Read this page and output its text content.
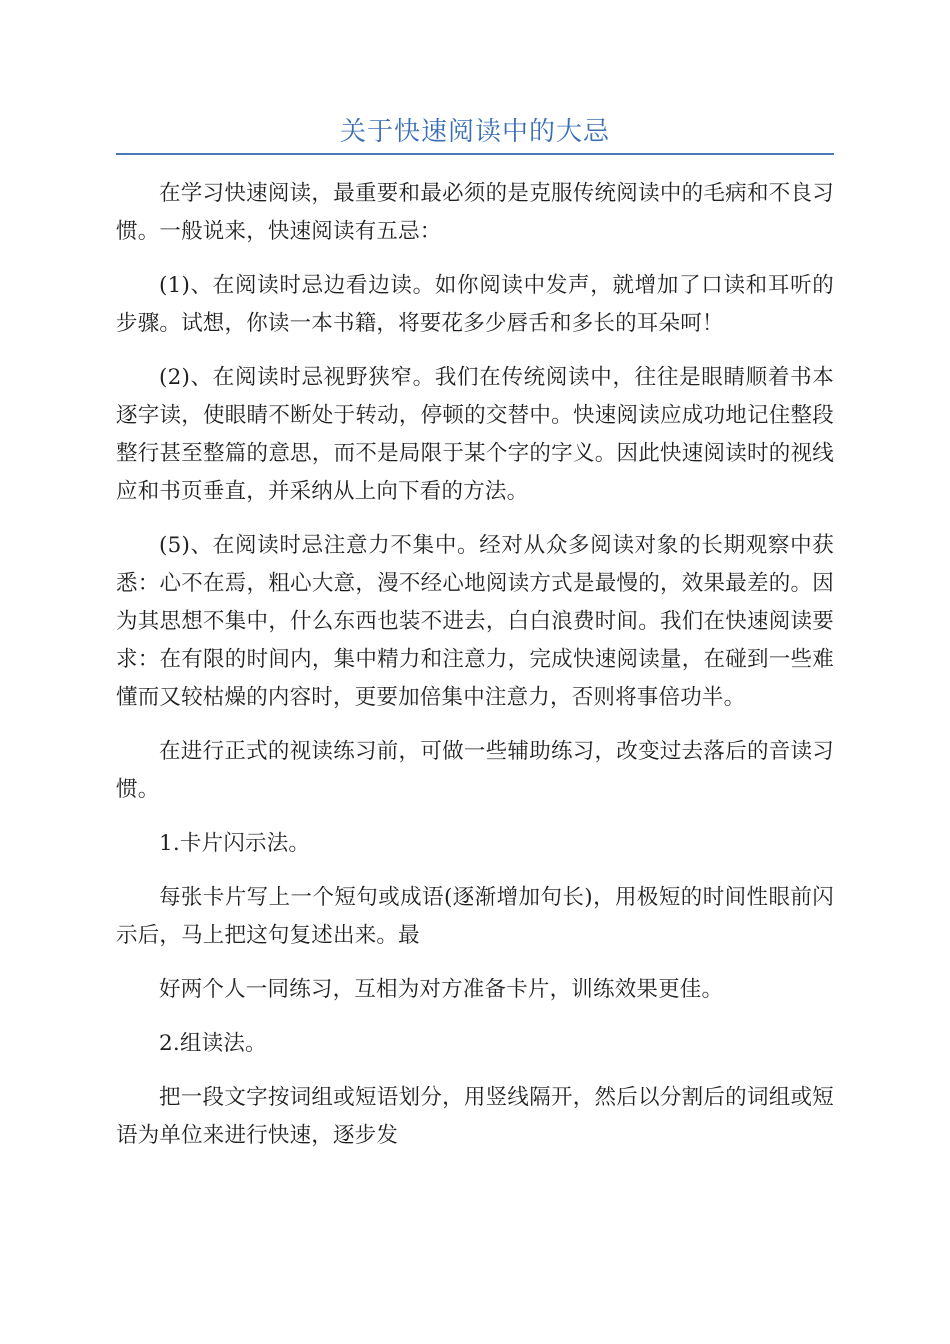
关于快速阅读中的大忌

在学习快速阅读，最重要和最必须的是克服传统阅读中的毛病和不良习惯。一般说来，快速阅读有五忌：

(1)、在阅读时忌边看边读。如你阅读中发声，就增加了口读和耳听的步骤。试想，你读一本书籍，将要花多少唇舌和多长的耳朵呵！

(2)、在阅读时忌视野狭窄。我们在传统阅读中，往往是眼睛顺着书本逐字读，使眼睛不断处于转动，停顿的交替中。快速阅读应成功地记住整段整行甚至整篇的意思，而不是局限于某个字的字义。因此快速阅读时的视线应和书页垂直，并采纳从上向下看的方法。

(5)、在阅读时忌注意力不集中。经对从众多阅读对象的长期观察中获悉：心不在焉，粗心大意，漫不经心地阅读方式是最慢的，效果最差的。因为其思想不集中，什么东西也装不进去，白白浪费时间。我们在快速阅读要求：在有限的时间内，集中精力和注意力，完成快速阅读量，在碰到一些难懂而又较枯燥的内容时，更要加倍集中注意力，否则将事倍功半。

在进行正式的视读练习前，可做一些辅助练习，改变过去落后的音读习惯。

1.卡片闪示法。

每张卡片写上一个短句或成语(逐渐增加句长)，用极短的时间性眼前闪示后，马上把这句复述出来。最

好两个人一同练习，互相为对方准备卡片，训练效果更佳。

2.组读法。

把一段文字按词组或短语划分，用竖线隔开，然后以分割后的词组或短语为单位来进行快速，逐步发
